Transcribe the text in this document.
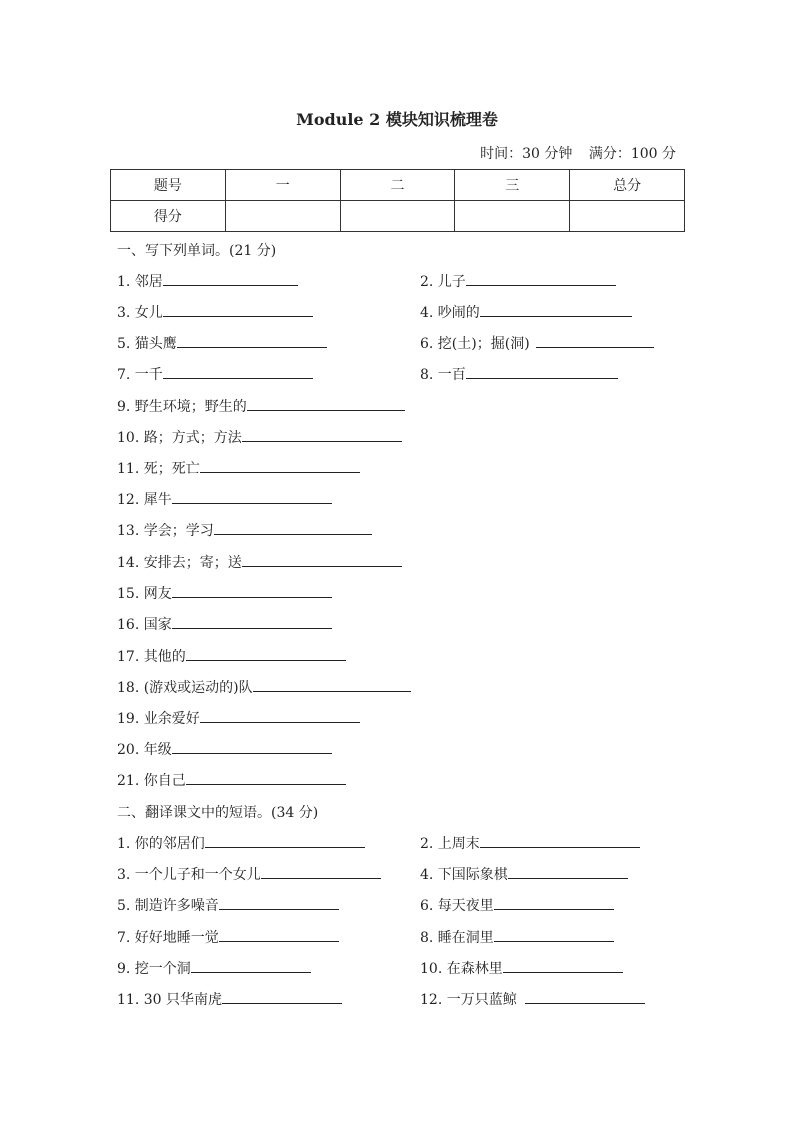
Module 2 模块知识梳理卷
时间：30 分钟 满分：100 分
题号	一	二	三	总分
得分				
一、写下列单词。(21 分)
1. 邻居	2. 儿子
3. 女儿	4. 吵闹的
5. 猫头鹰	6. 挖(土)；掘(洞)
7. 一千	8. 一百
9. 野生环境；野生的
10. 路；方式；方法
11. 死；死亡
12. 犀牛
13. 学会；学习
14. 安排去；寄；送
15. 网友
16. 国家
17. 其他的
18. (游戏或运动的)队
19. 业余爱好
20. 年级
21. 你自己
二、翻译课文中的短语。(34 分)
1. 你的邻居们	2. 上周末
3. 一个儿子和一个女儿	4. 下国际象棋
5. 制造许多噪音	6. 每天夜里
7. 好好地睡一觉	8. 睡在洞里
9. 挖一个洞	10. 在森林里
11. 30 只华南虎	12. 一万只蓝鲸
